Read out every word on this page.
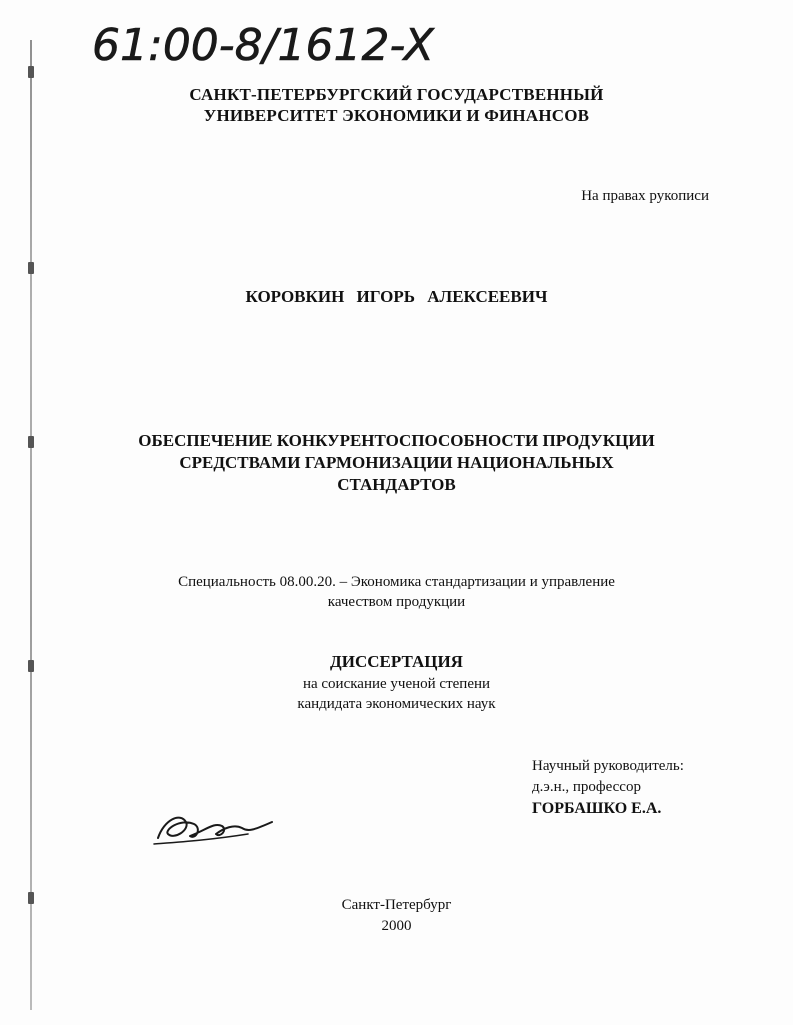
61:00-8/1612-X
САНКТ-ПЕТЕРБУРГСКИЙ ГОСУДАРСТВЕННЫЙ
УНИВЕРСИТЕТ ЭКОНОМИКИ И ФИНАНСОВ
На правах рукописи
КОРОВКИН ИГОРЬ АЛЕКСЕЕВИЧ
ОБЕСПЕЧЕНИЕ КОНКУРЕНТОСПОСОБНОСТИ ПРОДУКЦИИ
СРЕДСТВАМИ ГАРМОНИЗАЦИИ НАЦИОНАЛЬНЫХ
СТАНДАРТОВ
Специальность 08.00.20. – Экономика стандартизации и управление
качеством продукции
ДИССЕРТАЦИЯ
на соискание ученой степени
кандидата экономических наук
Научный руководитель:
д.э.н., профессор
ГОРБАШКО Е.А.
Санкт-Петербург
2000
